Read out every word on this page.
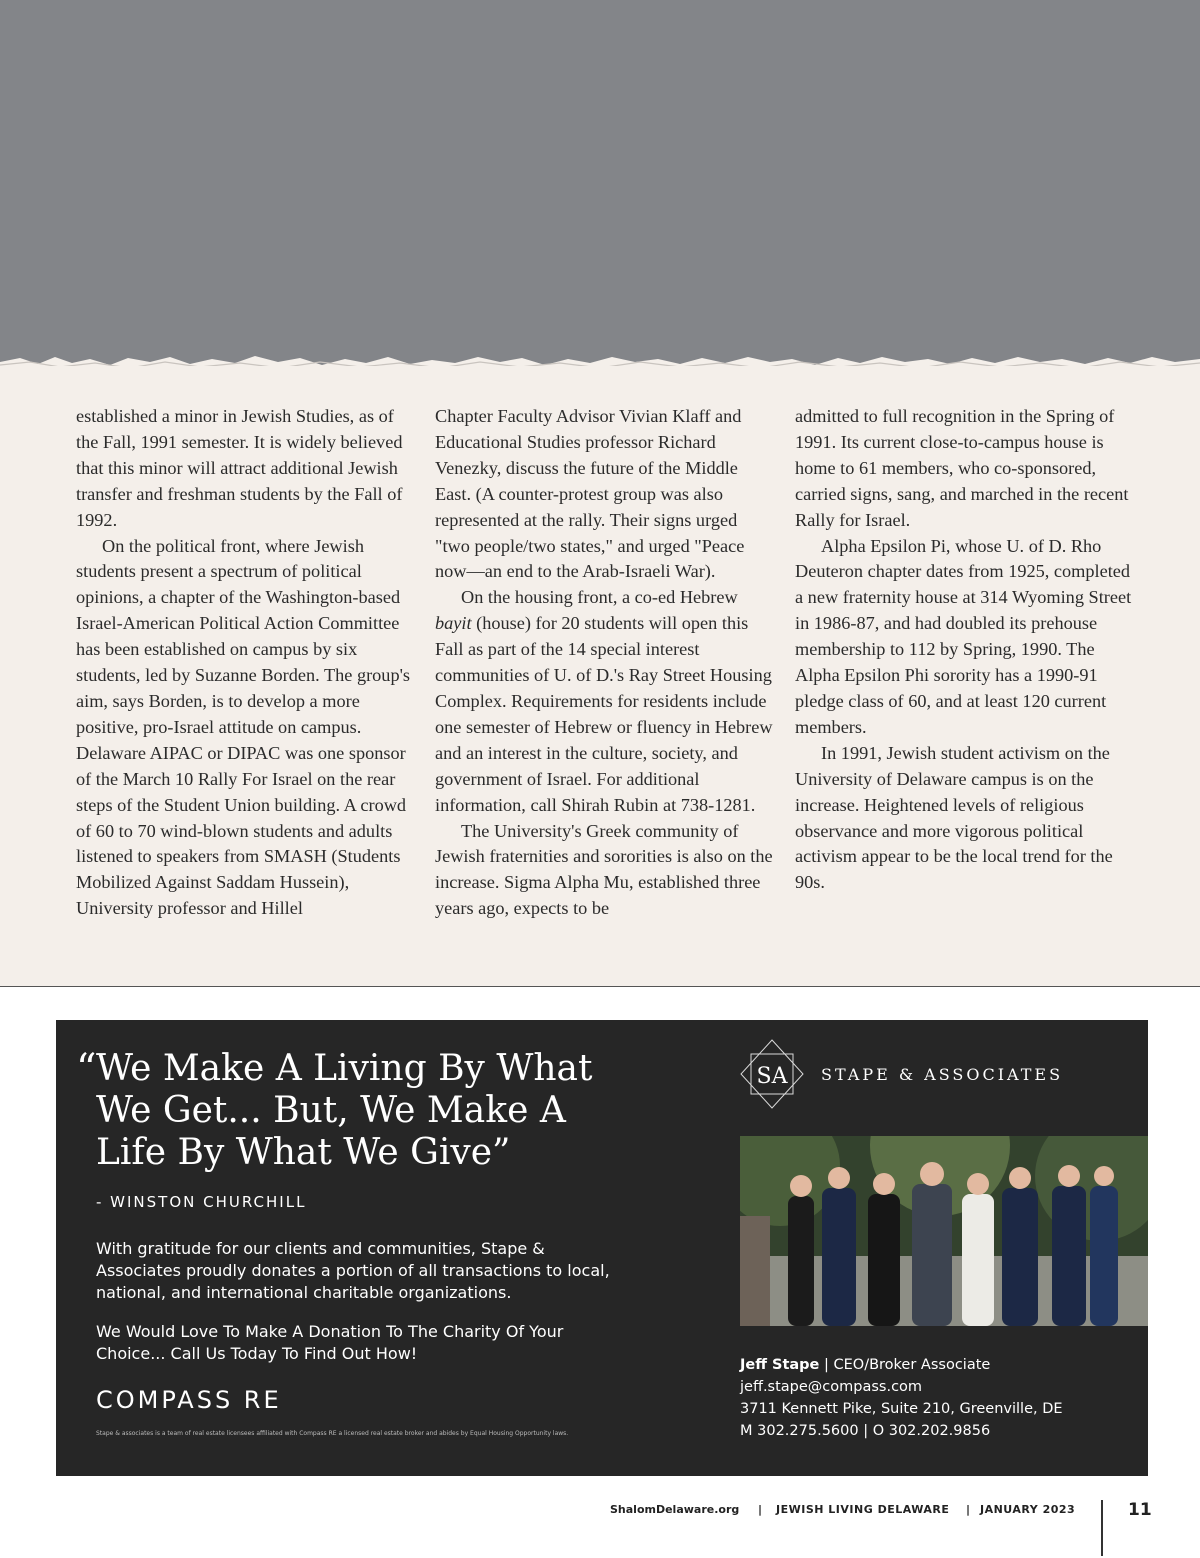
established a minor in Jewish Studies, as of the Fall, 1991 semester. It is widely believed that this minor will attract additional Jewish transfer and freshman students by the Fall of 1992.

On the political front, where Jewish students present a spectrum of political opinions, a chapter of the Washington-based Israel-American Political Action Committee has been established on campus by six students, led by Suzanne Borden. The group's aim, says Borden, is to develop a more positive, pro-Israel attitude on campus. Delaware AIPAC or DIPAC was one sponsor of the March 10 Rally For Israel on the rear steps of the Student Union building. A crowd of 60 to 70 wind-blown students and adults listened to speakers from SMASH (Students Mobilized Against Saddam Hussein), University professor and Hillel

Chapter Faculty Advisor Vivian Klaff and Educational Studies professor Richard Venezky, discuss the future of the Middle East. (A counter-protest group was also represented at the rally. Their signs urged "two people/two states," and urged "Peace now—an end to the Arab-Israeli War).

On the housing front, a co-ed Hebrew bayit (house) for 20 students will open this Fall as part of the 14 special interest communities of U. of D.'s Ray Street Housing Complex. Requirements for residents include one semester of Hebrew or fluency in Hebrew and an interest in the culture, society, and government of Israel. For additional information, call Shirah Rubin at 738-1281.

The University's Greek community of Jewish fraternities and sororities is also on the increase. Sigma Alpha Mu, established three years ago, expects to be

admitted to full recognition in the Spring of 1991. Its current close-to-campus house is home to 61 members, who co-sponsored, carried signs, sang, and marched in the recent Rally for Israel.

Alpha Epsilon Pi, whose U. of D. Rho Deuteron chapter dates from 1925, completed a new fraternity house at 314 Wyoming Street in 1986-87, and had doubled its prehouse membership to 112 by Spring, 1990. The Alpha Epsilon Phi sorority has a 1990-91 pledge class of 60, and at least 120 current members.

In 1991, Jewish student activism on the University of Delaware campus is on the increase. Heightened levels of religious observance and more vigorous political activism appear to be the local trend for the 90s.

“ We Make A Living By What
We Get... But, We Make A
Life By What We Give”
- WINSTON CHURCHILL
With gratitude for our clients and communities, Stape & Associates proudly donates a portion of all transactions to local, national, and international charitable organizations.
We Would Love To Make A Donation To The Charity Of Your Choice... Call Us Today To Find Out How!
COMPASS RE
Stape & associates is a team of real estate licensees affiliated with Compass RE a licensed real estate broker and abides by Equal Housing Opportunity laws.
SA STAPE & ASSOCIATES
Jeff Stape | CEO/Broker Associate
jeff.stape@compass.com
3711 Kennett Pike, Suite 210, Greenville, DE
M 302.275.5600 | O 302.202.9856
ShalomDelaware.org | JEWISH LIVING DELAWARE | JANUARY 2023	11
